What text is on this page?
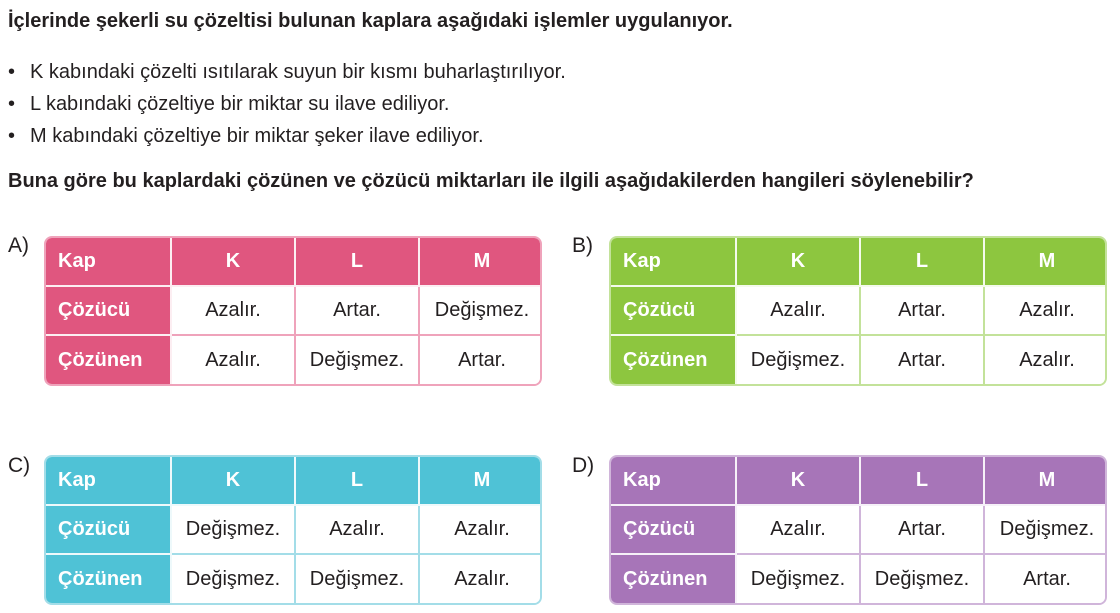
İçlerinde şekerli su çözeltisi bulunan kaplara aşağıdaki işlemler uygulanıyor.
• K kabındaki çözelti ısıtılarak suyun bir kısmı buharlaştırılıyor.
• L kabındaki çözeltiye bir miktar su ilave ediliyor.
• M kabındaki çözeltiye bir miktar şeker ilave ediliyor.
Buna göre bu kaplardaki çözünen ve çözücü miktarları ile ilgili aşağıdakilerden hangileri söylenebilir?
A)
Kap	K	L	M
Çözücü	Azalır.	Artar.	Değişmez.
Çözünen	Azalır.	Değişmez.	Artar.
B)
Kap	K	L	M
Çözücü	Azalır.	Artar.	Azalır.
Çözünen	Değişmez.	Artar.	Azalır.
C)
Kap	K	L	M
Çözücü	Değişmez.	Azalır.	Azalır.
Çözünen	Değişmez.	Değişmez.	Azalır.
D)
Kap	K	L	M
Çözücü	Azalır.	Artar.	Değişmez.
Çözünen	Değişmez.	Değişmez.	Artar.
